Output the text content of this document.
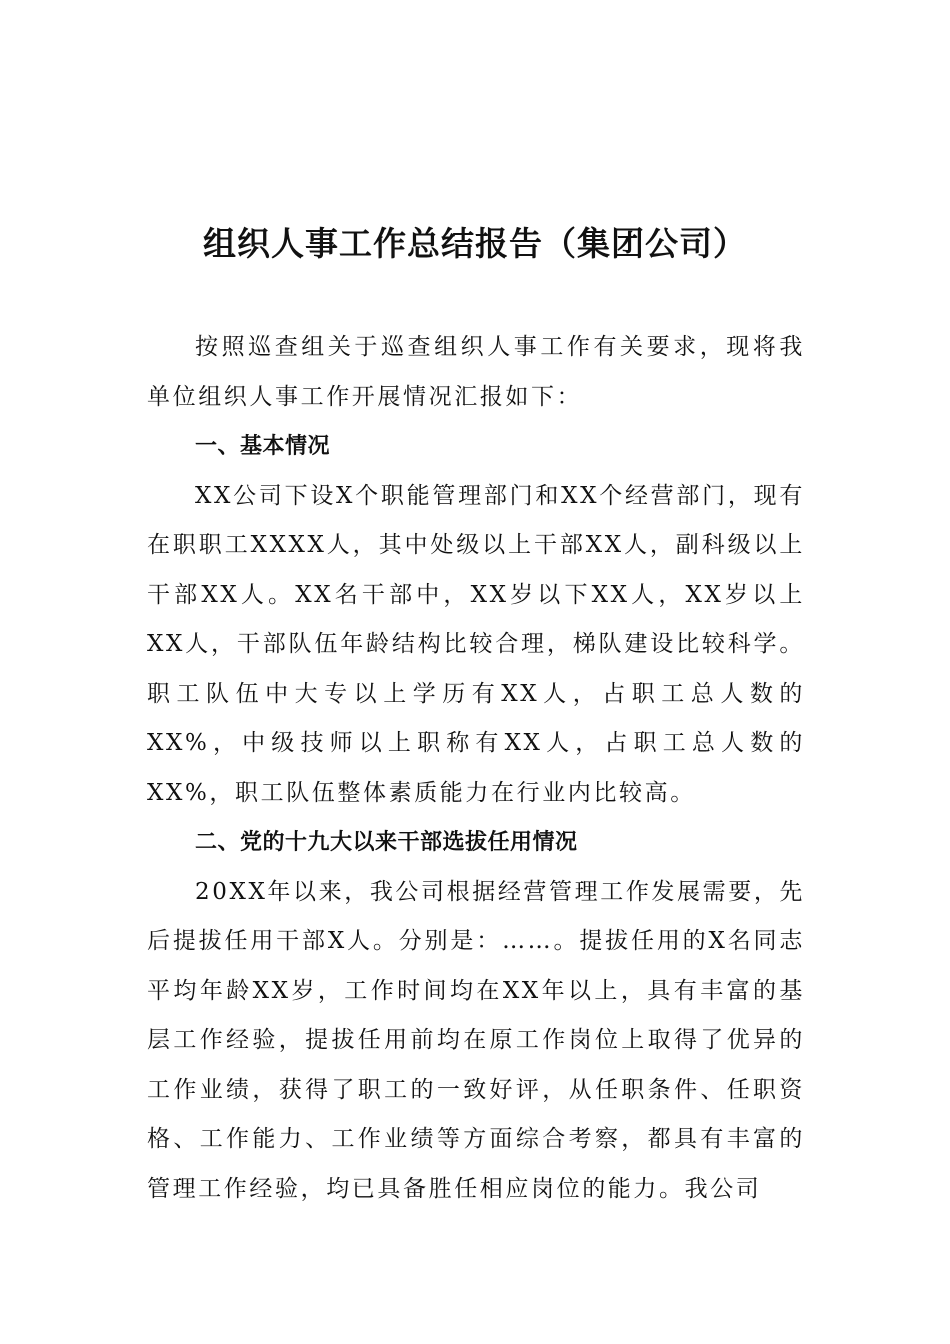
组织人事工作总结报告（集团公司）

按照巡查组关于巡查组织人事工作有关要求，现将我单位组织人事工作开展情况汇报如下：

一、基本情况

XX公司下设X个职能管理部门和XX个经营部门，现有在职职工XXXX人，其中处级以上干部XX人，副科级以上干部XX人。XX名干部中，XX岁以下XX人，XX岁以上XX人，干部队伍年龄结构比较合理，梯队建设比较科学。职工队伍中大专以上学历有XX人，占职工总人数的XX%，中级技师以上职称有XX人，占职工总人数的XX%，职工队伍整体素质能力在行业内比较高。

二、党的十九大以来干部选拔任用情况

20XX年以来，我公司根据经营管理工作发展需要，先后提拔任用干部X人。分别是：……。提拔任用的X名同志平均年龄XX岁，工作时间均在XX年以上，具有丰富的基层工作经验，提拔任用前均在原工作岗位上取得了优异的工作业绩，获得了职工的一致好评，从任职条件、任职资格、工作能力、工作业绩等方面综合考察，都具有丰富的管理工作经验，均已具备胜任相应岗位的能力。我公司
